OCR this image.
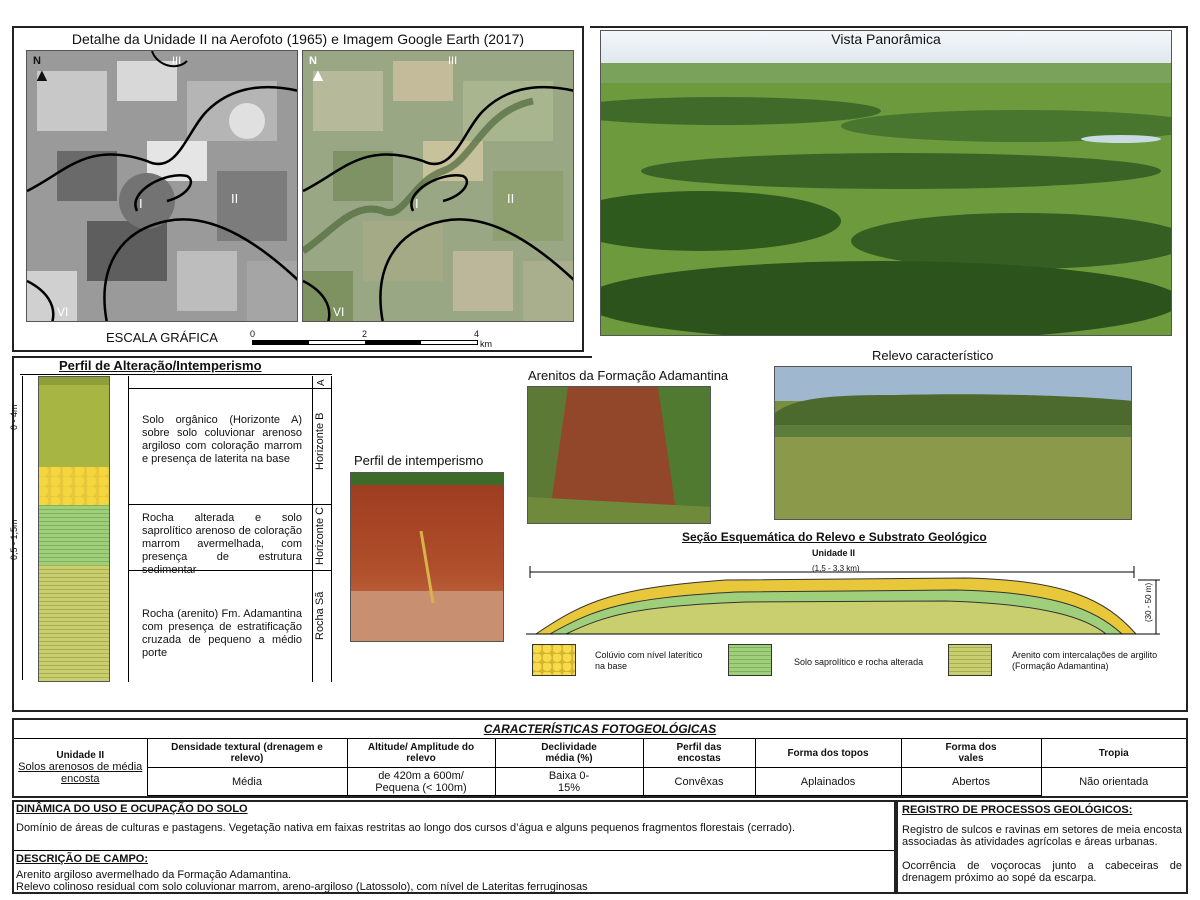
Detalhe da Unidade II na Aerofoto (1965) e Imagem Google Earth (2017)
N
▲
I	II
III
VI
N
▲
I	II
III
VI
ESCALA GRÁFICA	0	2	4
km
Vista Panorâmica
Perfil de Alteração/Intemperismo
0 - 4m
0,5 - 1,5m
A
Horizonte B
Horizonte C
Rocha Sã
Solo orgânico (Horizonte A) sobre solo coluvionar arenoso argiloso com coloração marrom e presença de laterita na base
Rocha alterada e solo saprolítico arenoso de coloração marrom avermelhada, com presença de estrutura sedimentar
Rocha (arenito) Fm. Adamantina com presença de estratificação cruzada de pequeno a médio porte
Perfil de intemperismo
Arenitos da Formação Adamantina
Relevo característico
Seção Esquemática do Relevo e Substrato Geológico
Unidade II
(1,5 - 3,3 km)
(30 - 50 m)
Colúvio com nível laterítico na base	Solo saprolítico e rocha alterada
Arenito com intercalações de argilito (Formação Adamantina)
CARACTERÍSTICAS FOTOGEOLÓGICAS
Unidade II
Solos arenosos de média encosta	Densidade textural (drenagem e relevo)	Altitude/ Amplitude do relevo	Declividade média (%)	Perfil das encostas	Forma dos topos	Forma dos vales	Tropia
	Média	de 420m a 600m/ Pequena (< 100m)	Baixa 0-15%	Convêxas	Aplainados	Abertos	Não orientada
DINÂMICA DO USO E OCUPAÇÃO DO SOLO
Domínio de áreas de culturas e pastagens. Vegetação nativa em faixas restritas ao longo dos cursos d’água e alguns pequenos fragmentos florestais (cerrado).
DESCRIÇÃO DE CAMPO:
Arenito argiloso avermelhado da Formação Adamantina.
Relevo colinoso residual com solo coluvionar marrom, areno-argiloso (Latossolo), com nível de Lateritas ferruginosas
REGISTRO DE PROCESSOS GEOLÓGICOS:
Registro de sulcos e ravinas em setores de meia encosta associadas às atividades agrícolas e áreas urbanas.
Ocorrência de voçorocas junto a cabeceiras de drenagem próximo ao sopé da escarpa.
